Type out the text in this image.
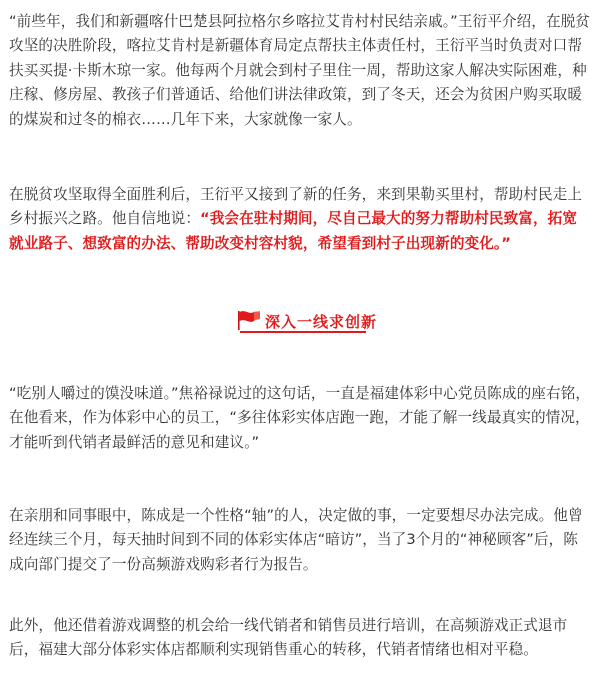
“前些年，我们和新疆喀什巴楚县阿拉格尔乡喀拉艾肯村村民结亲戚。”王衍平介绍，在脱贫攻坚的决胜阶段，喀拉艾肯村是新疆体育局定点帮扶主体责任村，王衍平当时负责对口帮扶买买提·卡斯木琼一家。他每两个月就会到村子里住一周，帮助这家人解决实际困难，种庄稼、修房屋、教孩子们普通话、给他们讲法律政策，到了冬天，还会为贫困户购买取暖的煤炭和过冬的棉衣……几年下来，大家就像一家人。

在脱贫攻坚取得全面胜利后，王衍平又接到了新的任务，来到果勒买里村，帮助村民走上乡村振兴之路。他自信地说：“我会在驻村期间，尽自己最大的努力帮助村民致富，拓宽就业路子、想致富的办法、帮助改变村容村貌，希望看到村子出现新的变化。”

深入一线求创新

“吃别人嚼过的馍没味道。”焦裕禄说过的这句话，一直是福建体彩中心党员陈成的座右铭，在他看来，作为体彩中心的员工，“多往体彩实体店跑一跑，才能了解一线最真实的情况，才能听到代销者最鲜活的意见和建议。”

在亲朋和同事眼中，陈成是一个性格“轴”的人，决定做的事，一定要想尽办法完成。他曾经连续三个月，每天抽时间到不同的体彩实体店“暗访”，当了3个月的“神秘顾客”后，陈成向部门提交了一份高频游戏购彩者行为报告。

此外，他还借着游戏调整的机会给一线代销者和销售员进行培训，在高频游戏正式退市后，福建大部分体彩实体店都顺利实现销售重心的转移，代销者情绪也相对平稳。
